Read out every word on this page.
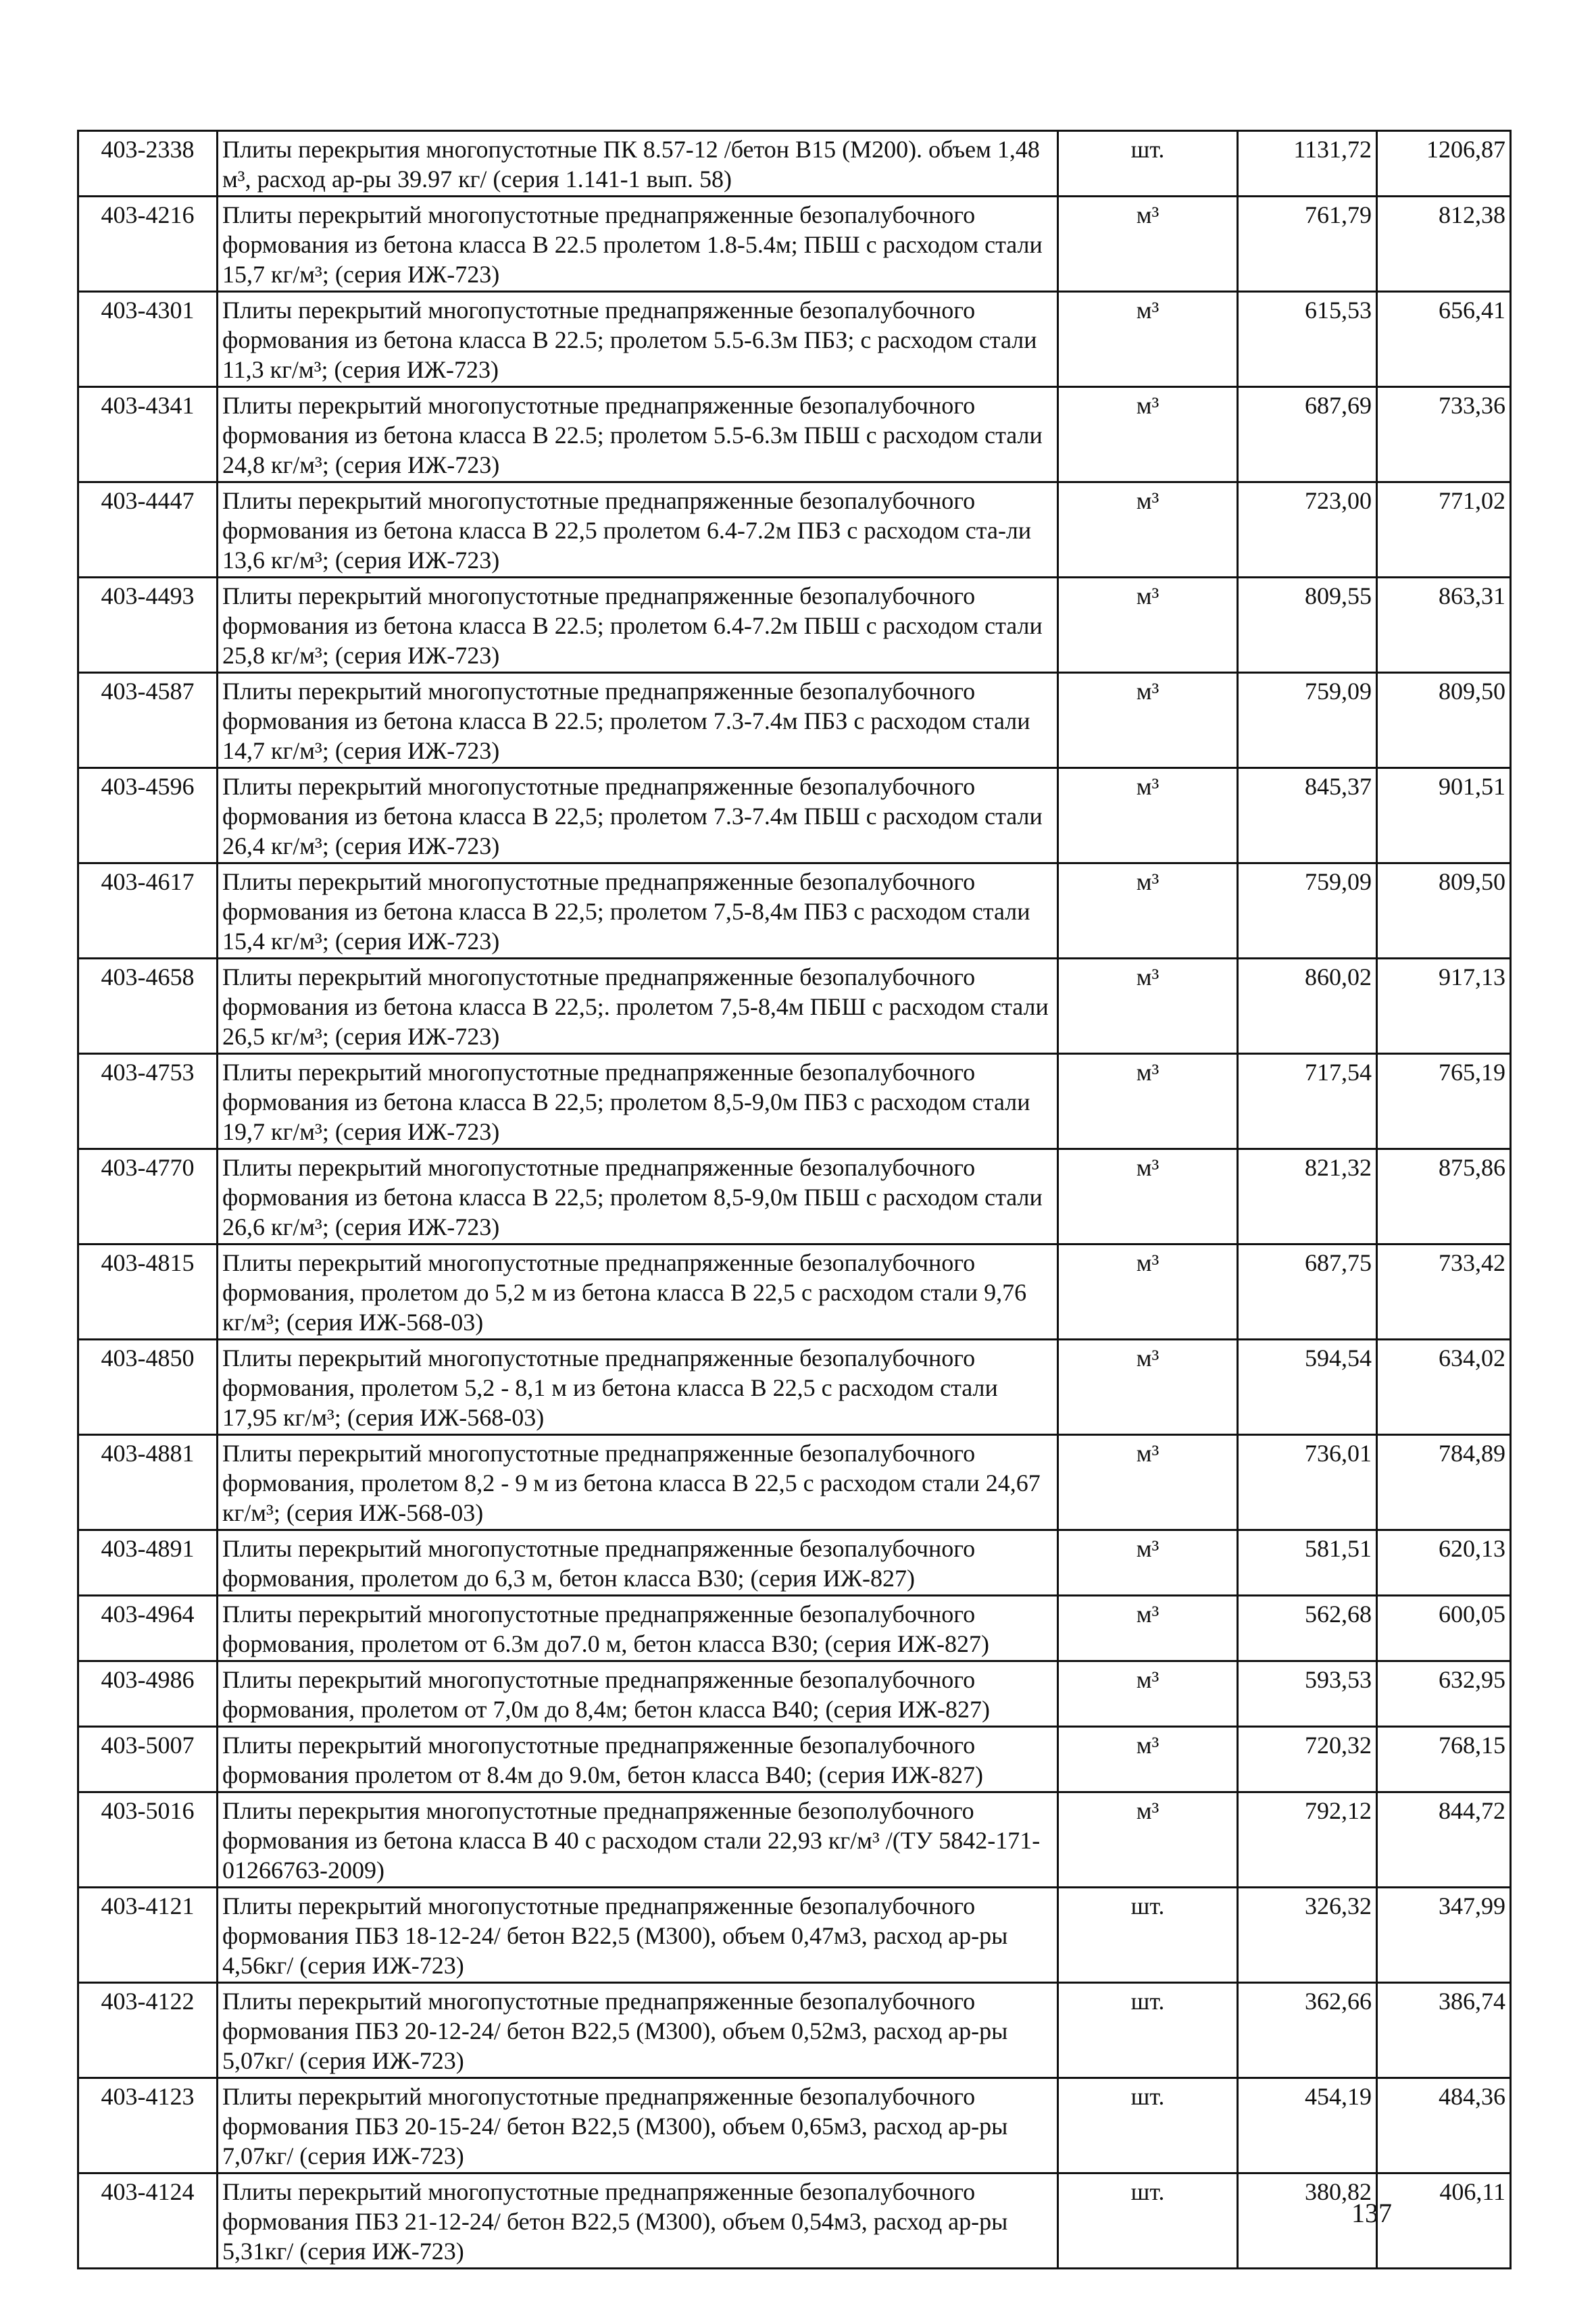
403-2338	Плиты перекрытия многопустотные ПК 8.57-12 /бетон В15 (М200). объем 1,48 м³, расход ар-ры 39.97 кг/ (серия 1.141-1 вып. 58)	шт.	1131,72	1206,87
403-4216	Плиты перекрытий многопустотные преднапряженные безопалубочного формования из бетона класса В 22.5 пролетом 1.8-5.4м; ПБШ с расходом стали 15,7 кг/м³; (серия ИЖ-723)	м³	761,79	812,38
403-4301	Плиты перекрытий многопустотные преднапряженные безопалубочного формования из бетона класса В 22.5; пролетом 5.5-6.3м ПБЗ; с расходом стали 11,3 кг/м³; (серия ИЖ-723)	м³	615,53	656,41
403-4341	Плиты перекрытий многопустотные преднапряженные безопалубочного формования из бетона класса В 22.5; пролетом 5.5-6.3м ПБШ с расходом стали 24,8 кг/м³; (серия ИЖ-723)	м³	687,69	733,36
403-4447	Плиты перекрытий многопустотные преднапряженные безопалубочного формования из бетона класса В 22,5 пролетом 6.4-7.2м ПБЗ с расходом ста-ли 13,6 кг/м³; (серия ИЖ-723)	м³	723,00	771,02
403-4493	Плиты перекрытий многопустотные преднапряженные безопалубочного формования из бетона класса В 22.5; пролетом 6.4-7.2м ПБШ с расходом стали 25,8 кг/м³; (серия ИЖ-723)	м³	809,55	863,31
403-4587	Плиты перекрытий многопустотные преднапряженные безопалубочного формования из бетона класса В 22.5; пролетом 7.3-7.4м ПБЗ с расходом стали 14,7 кг/м³; (серия ИЖ-723)	м³	759,09	809,50
403-4596	Плиты перекрытий многопустотные преднапряженные безопалубочного формования из бетона класса В 22,5; пролетом 7.3-7.4м ПБШ с расходом стали 26,4 кг/м³; (серия ИЖ-723)	м³	845,37	901,51
403-4617	Плиты перекрытий многопустотные преднапряженные безопалубочного формования из бетона класса В 22,5; пролетом 7,5-8,4м ПБЗ с расходом стали 15,4 кг/м³; (серия ИЖ-723)	м³	759,09	809,50
403-4658	Плиты перекрытий многопустотные преднапряженные безопалубочного формования из бетона класса В 22,5;. пролетом 7,5-8,4м ПБШ с расходом стали 26,5 кг/м³; (серия ИЖ-723)	м³	860,02	917,13
403-4753	Плиты перекрытий многопустотные преднапряженные безопалубочного формования из бетона класса В 22,5; пролетом 8,5-9,0м ПБЗ с расходом стали 19,7 кг/м³; (серия ИЖ-723)	м³	717,54	765,19
403-4770	Плиты перекрытий многопустотные преднапряженные безопалубочного формования из бетона класса В 22,5; пролетом 8,5-9,0м ПБШ с расходом стали 26,6 кг/м³; (серия ИЖ-723)	м³	821,32	875,86
403-4815	Плиты перекрытий многопустотные преднапряженные безопалубочного формования, пролетом до 5,2 м из бетона класса В 22,5 с расходом стали 9,76 кг/м³; (серия ИЖ-568-03)	м³	687,75	733,42
403-4850	Плиты перекрытий многопустотные преднапряженные безопалубочного формования, пролетом 5,2 - 8,1 м из бетона класса В 22,5 с расходом стали 17,95 кг/м³; (серия ИЖ-568-03)	м³	594,54	634,02
403-4881	Плиты перекрытий многопустотные преднапряженные безопалубочного формования, пролетом 8,2 - 9 м из бетона класса В 22,5 с расходом стали 24,67 кг/м³; (серия ИЖ-568-03)	м³	736,01	784,89
403-4891	Плиты перекрытий многопустотные преднапряженные безопалубочного формования, пролетом до 6,3 м, бетон класса В30; (серия ИЖ-827)	м³	581,51	620,13
403-4964	Плиты перекрытий многопустотные преднапряженные безопалубочного формования, пролетом от 6.3м до7.0 м, бетон класса В30; (серия ИЖ-827)	м³	562,68	600,05
403-4986	Плиты перекрытий многопустотные преднапряженные безопалубочного формования, пролетом от 7,0м до 8,4м; бетон класса В40; (серия ИЖ-827)	м³	593,53	632,95
403-5007	Плиты перекрытий многопустотные преднапряженные безопалубочного формования пролетом от 8.4м до 9.0м, бетон класса В40; (серия ИЖ-827)	м³	720,32	768,15
403-5016	Плиты перекрытия многопустотные преднапряженные безополубочного формования из бетона класса В 40 с расходом стали 22,93 кг/м³ /(ТУ 5842-171-01266763-2009)	м³	792,12	844,72
403-4121	Плиты перекрытий многопустотные преднапряженные безопалубочного формования ПБЗ 18-12-24/ бетон В22,5 (М300), объем 0,47м3, расход ар-ры 4,56кг/ (серия ИЖ-723)	шт.	326,32	347,99
403-4122	Плиты перекрытий многопустотные преднапряженные безопалубочного формования ПБЗ 20-12-24/ бетон В22,5 (М300), объем 0,52м3, расход ар-ры 5,07кг/ (серия ИЖ-723)	шт.	362,66	386,74
403-4123	Плиты перекрытий многопустотные преднапряженные безопалубочного формования ПБЗ 20-15-24/ бетон В22,5 (М300), объем 0,65м3, расход ар-ры 7,07кг/ (серия ИЖ-723)	шт.	454,19	484,36
403-4124	Плиты перекрытий многопустотные преднапряженные безопалубочного формования ПБЗ 21-12-24/ бетон В22,5 (М300), объем 0,54м3, расход ар-ры 5,31кг/ (серия ИЖ-723)	шт.	380,82	406,11
137
